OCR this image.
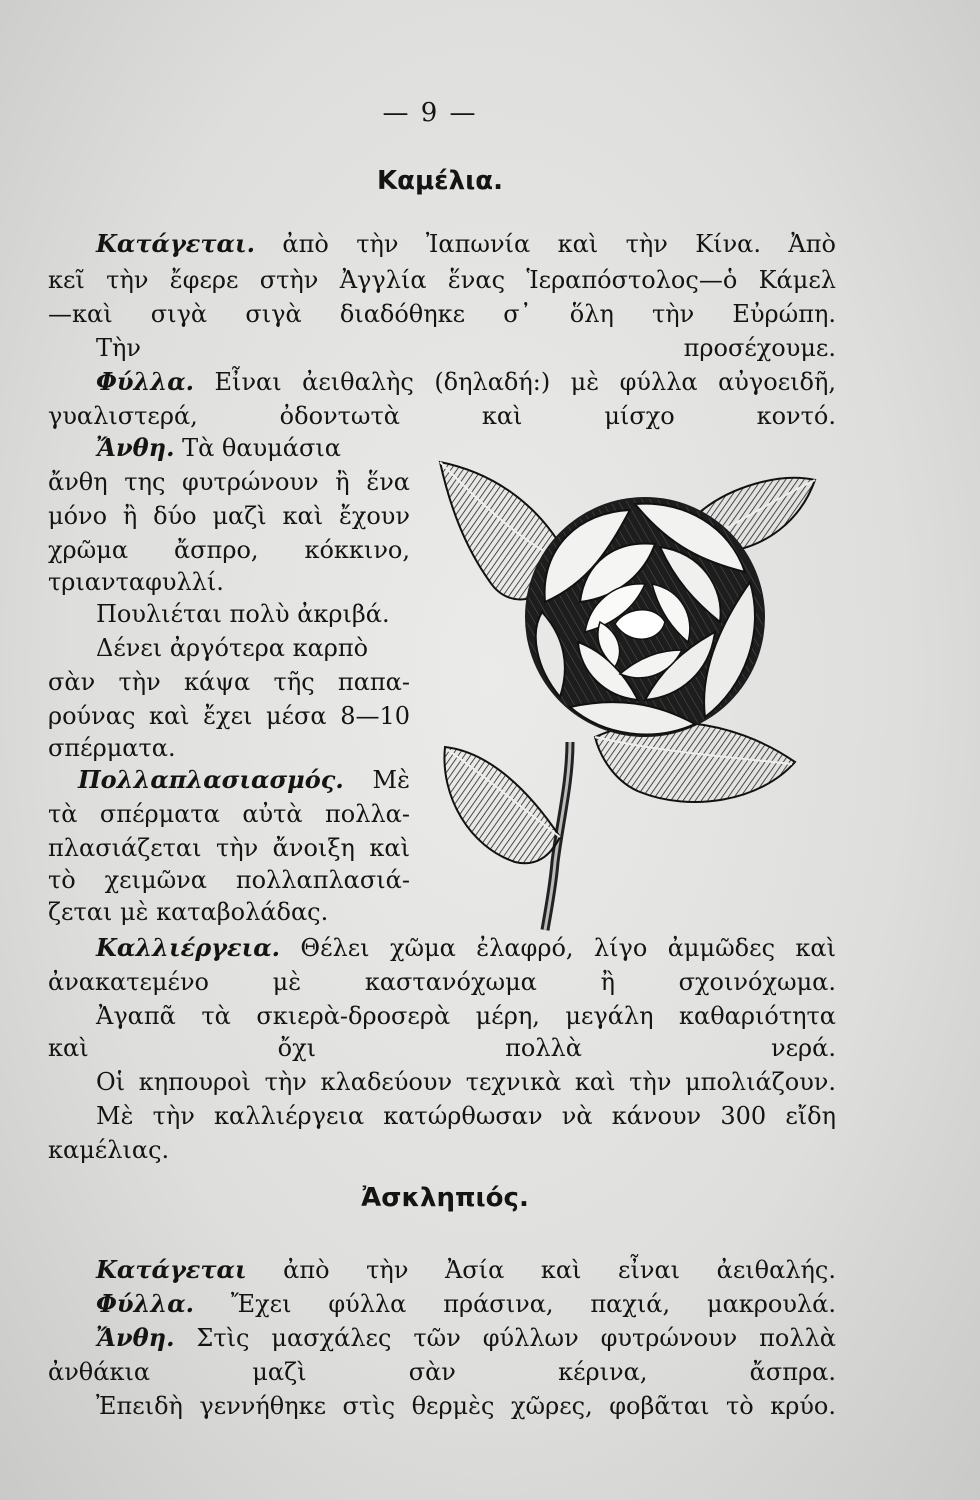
— 9 —
Καμέλια.
Κατάγεται. ἀπὸ τὴν Ἰαπωνία καὶ τὴν Κίνα. Ἀπὸ
κεῖ τὴν ἔφερε στὴν Ἀγγλία ἕνας Ἱεραπόστολος—ὁ Κάμελ
—καὶ σιγὰ σιγὰ διαδόθηκε σ᾽ ὅλη τὴν Εὐρώπη.
Τὴν προσέχουμε.
Φύλλα. Εἶναι ἀειθαλὴς (δηλαδή:) μὲ φύλλα αὐγοειδῆ,
γυαλιστερά, ὀδοντωτὰ καὶ μίσχο κοντό.
Ἄνθη. Τὰ θαυμάσια
ἄνθη της φυτρώνουν ἢ ἕνα
μόνο ἢ δύο μαζὶ καὶ ἔχουν
χρῶμα ἄσπρο, κόκκινο,
τριανταφυλλί.
Πουλιέται πολὺ ἀκριβά.
Δένει ἀργότερα καρπὸ
σὰν τὴν κάψα τῆς παπα-
ρούνας καὶ ἔχει μέσα 8—10
σπέρματα.
Πολλαπλασιασμός. Μὲ
τὰ σπέρματα αὐτὰ πολλα-
πλασιάζεται τὴν ἄνοιξη καὶ
τὸ χειμῶνα πολλαπλασιά-
ζεται μὲ καταβολάδας.
Καλλιέργεια. Θέλει χῶμα ἐλαφρό, λίγο ἀμμῶδες καὶ
ἀνακατεμένο μὲ καστανόχωμα ἢ σχοινόχωμα.
Ἀγαπᾶ τὰ σκιερὰ-δροσερὰ μέρη, μεγάλη καθαριότητα
καὶ ὄχι πολλὰ νερά.
Οἱ κηπουροὶ τὴν κλαδεύουν τεχνικὰ καὶ τὴν μπολιάζουν.
Μὲ τὴν καλλιέργεια κατώρθωσαν νὰ κάνουν 300 εἴδη
καμέλιας.
Ἀσκληπιός.
Κατάγεται ἀπὸ τὴν Ἀσία καὶ εἶναι ἀειθαλής.
Φύλλα. Ἔχει φύλλα πράσινα, παχιά, μακρουλά.
Ἄνθη. Στὶς μασχάλες τῶν φύλλων φυτρώνουν πολλὰ
ἀνθάκια μαζὶ σὰν κέρινα, ἄσπρα.
Ἐπειδὴ γεννήθηκε στὶς θερμὲς χῶρες, φοβᾶται τὸ κρύο.
